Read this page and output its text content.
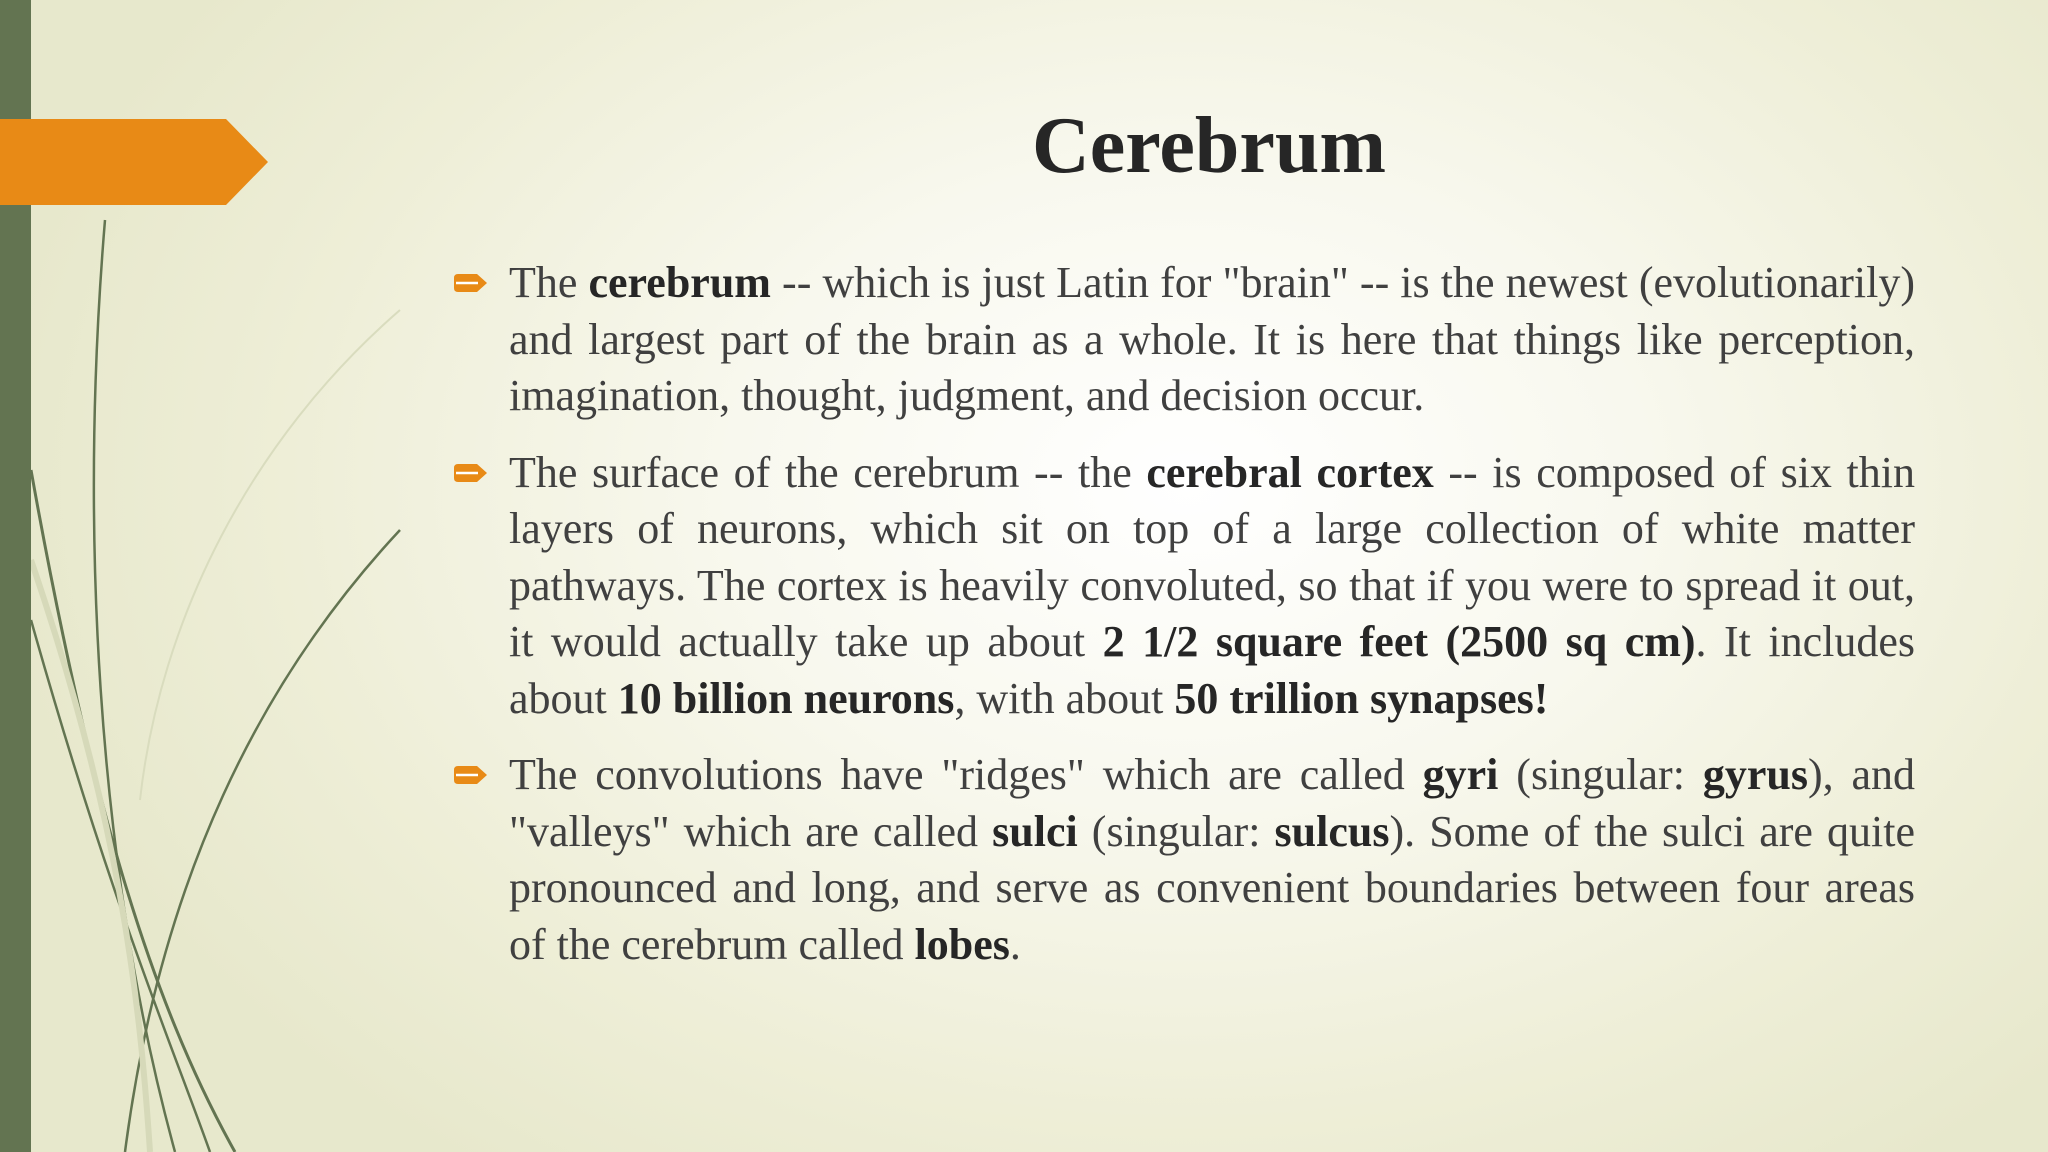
Cerebrum
The cerebrum -- which is just Latin for "brain" -- is the newest (evolutionarily) and largest part of the brain as a whole. It is here that things like perception, imagination, thought, judgment, and decision occur.
The surface of the cerebrum -- the cerebral cortex -- is composed of six thin layers of neurons, which sit on top of a large collection of white matter pathways. The cortex is heavily convoluted, so that if you were to spread it out, it would actually take up about 2 1/2 square feet (2500 sq cm). It includes about 10 billion neurons, with about 50 trillion synapses!
The convolutions have "ridges" which are called gyri (singular: gyrus), and "valleys" which are called sulci (singular: sulcus). Some of the sulci are quite pronounced and long, and serve as convenient boundaries between four areas of the cerebrum called lobes.
